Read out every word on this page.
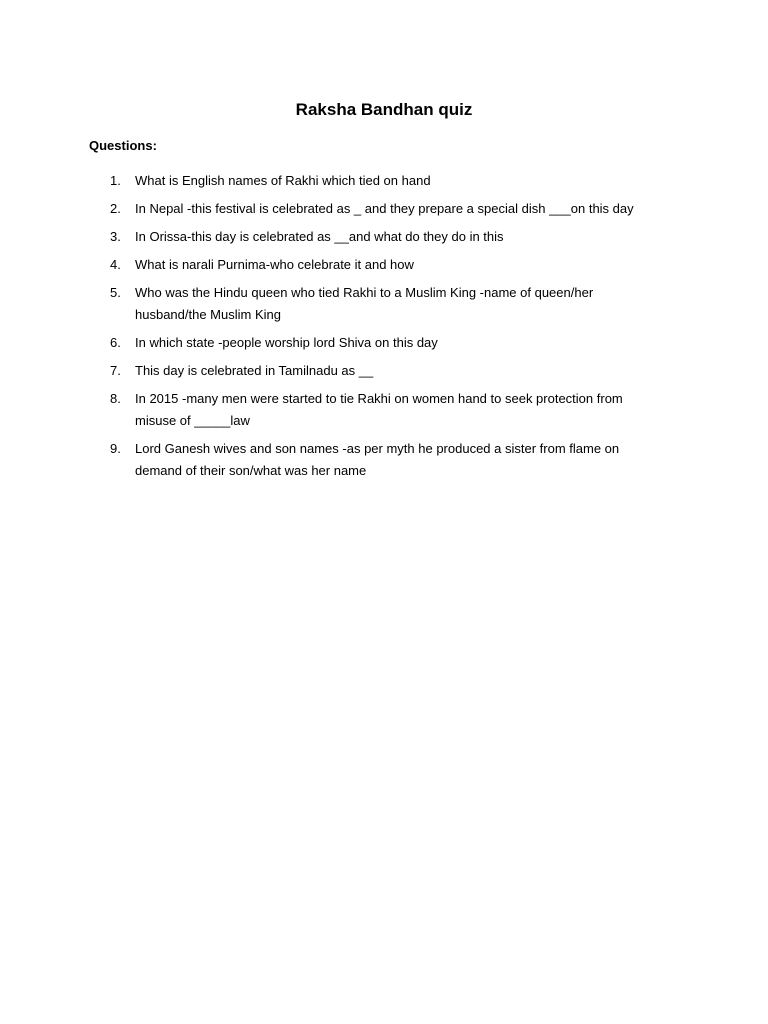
Raksha Bandhan quiz
Questions:
1.	What is English names of Rakhi which tied on hand
2.	In Nepal -this festival is celebrated as _ and they prepare a special dish ___on this day
3.	In Orissa-this day is celebrated as __and what do they do in this
4.	What is narali Purnima-who celebrate it and how
5.	Who was the Hindu queen who tied Rakhi to a Muslim King -name of queen/her husband/the Muslim King
6.	In which state -people worship lord Shiva on this day
7.	This day is celebrated in Tamilnadu as __
8.	In 2015 -many men were started to tie Rakhi on women hand to seek protection from misuse of _____law
9.	Lord Ganesh wives and son names -as per myth he produced a sister from flame on demand of their son/what was her name
